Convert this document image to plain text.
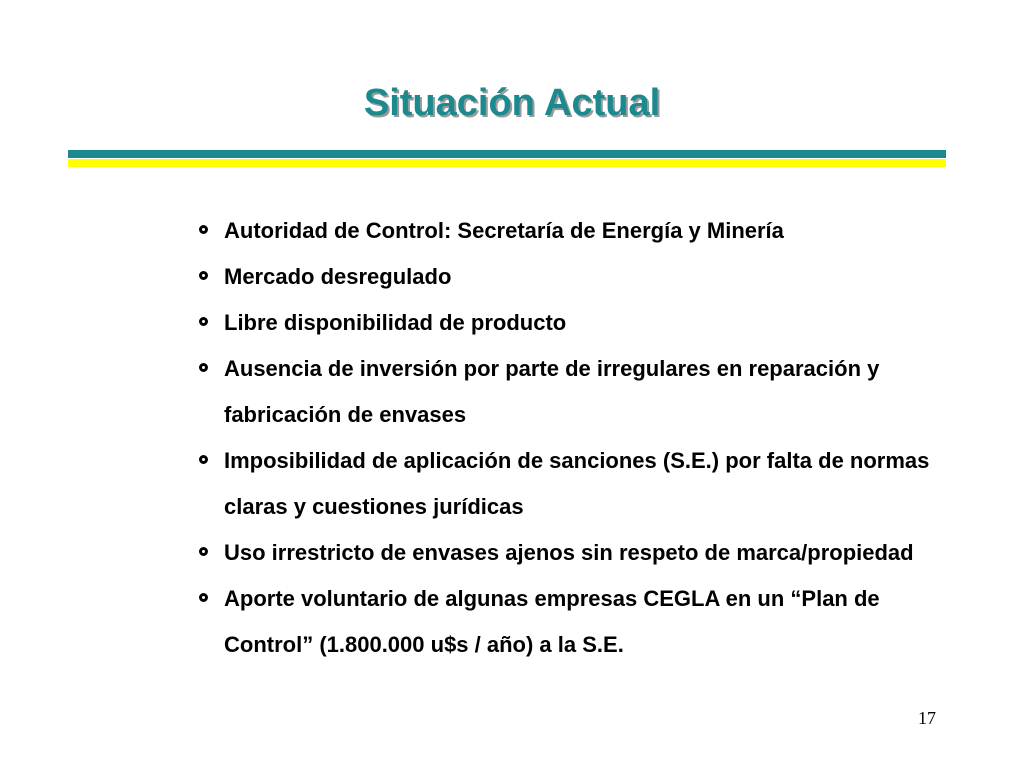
Situación Actual
Autoridad de Control: Secretaría de Energía y Minería
Mercado desregulado
Libre disponibilidad de producto
Ausencia de inversión por parte de irregulares en reparación y fabricación de envases
Imposibilidad de aplicación de sanciones (S.E.) por falta de normas claras y cuestiones jurídicas
Uso irrestricto de envases ajenos sin respeto de marca/propiedad
Aporte voluntario de algunas empresas CEGLA en un “Plan de Control” (1.800.000 u$s / año) a la S.E.
17
